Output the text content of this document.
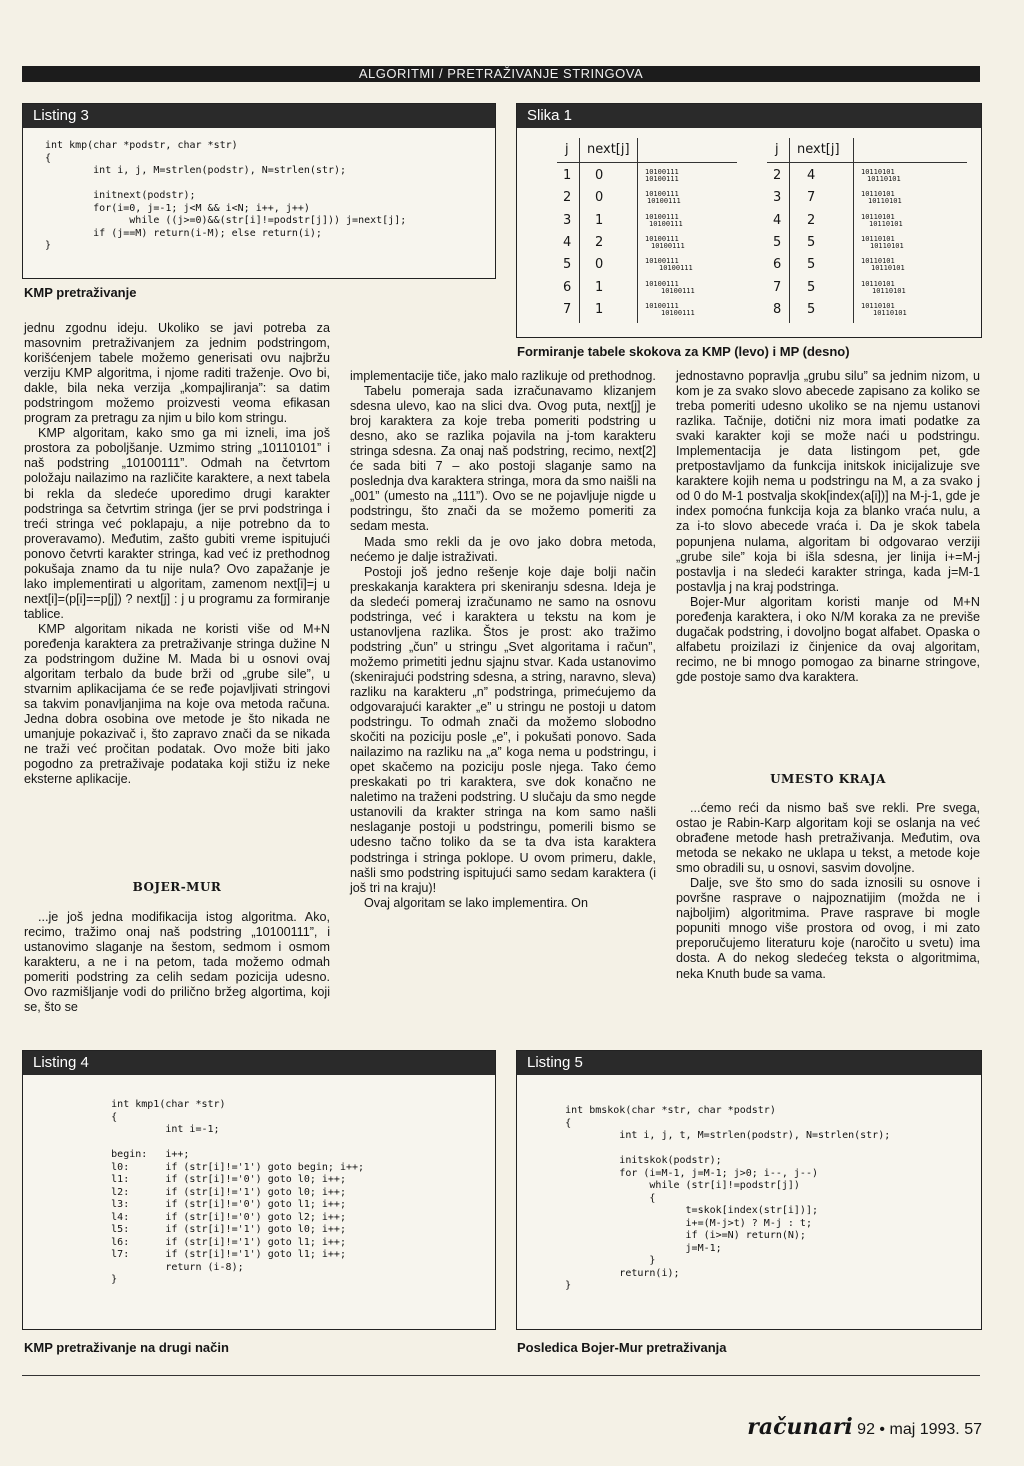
ALGORITMI / PRETRAŽIVANJE STRINGOVA
Listing 3
int kmp(char *podstr, char *str)
{
int i, j, M=strlen(podstr), N=strlen(str);

initnext(podstr);
for(i=0, j=-1; j<M && i<N; i++, j++)
while ((j>=0)&&(str[i]!=podstr[j])) j=next[j];
if (j==M) return(i-M); else return(i);
}
KMP pretraživanje
Slika 1
j next[j]
1 0	10100111
10100111
2 0	10100111
10100111
3 1	10100111
10100111
4 2	10100111
10100111
5 0	10100111
10100111
6 1	10100111
10100111
7 1	10100111
10100111
j next[j]
2 4	10110101
10110101
3 7	10110101
10110101
4 2	10110101
10110101
5 5	10110101
10110101
6 5	10110101
10110101
7 5	10110101
10110101
8 5	10110101
10110101
Formiranje tabele skokova za KMP (levo) i MP (desno)

jednu zgodnu ideju. Ukoliko se javi potreba za masovnim pretraživanjem za jednim podstringom, korišćenjem tabele možemo generisati ovu najbržu verziju KMP algoritma, i njome raditi traženje. Ovo bi, dakle, bila neka verzija „kompajliranja”: sa datim podstringom možemo proizvesti veoma efikasan program za pretragu za njim u bilo kom stringu.

KMP algoritam, kako smo ga mi izneli, ima još prostora za poboljšanje. Uzmimo string „10110101” i naš podstring „10100111”. Odmah na četvrtom položaju nailazimo na različite karaktere, a next tabela bi rekla da sledeće uporedimo drugi karakter podstringa sa četvrtim stringa (jer se prvi podstringa i treći stringa već poklapaju, a nije potrebno da to proveravamo). Međutim, zašto gubiti vreme ispitujući ponovo četvrti karakter stringa, kad već iz prethodnog pokušaja znamo da tu nije nula? Ovo zapažanje je lako implementirati u algoritam, zamenom next[i]=j u next[i]=(p[i]==p[j]) ? next[j] : j u programu za formiranje tablice.

KMP algoritam nikada ne koristi više od M+N poređenja karaktera za pretraživanje stringa dužine N za podstringom dužine M. Mada bi u osnovi ovaj algoritam terbalo da bude brži od „grube sile”, u stvarnim aplikacijama će se ređe pojavljivati stringovi sa takvim ponavljanjima na koje ova metoda računa. Jedna dobra osobina ove metode je što nikada ne umanjuje pokazivač i, što zapravo znači da se nikada ne traži već pročitan podatak. Ovo može biti jako pogodno za pretraživaje podataka koji stižu iz neke eksterne aplikacije.

BOJER-MUR

...je još jedna modifikacija istog algoritma. Ako, recimo, tražimo onaj naš podstring „10100111”, i ustanovimo slaganje na šestom, sedmom i osmom karakteru, a ne i na petom, tada možemo odmah pomeriti podstring za celih sedam pozicija udesno. Ovo razmišljanje vodi do prilično bržeg algortima, koji se, što se

implementacije tiče, jako malo razlikuje od prethodnog.

Tabelu pomeraja sada izračunavamo klizanjem sdesna ulevo, kao na slici dva. Ovog puta, next[j] je broj karaktera za koje treba pomeriti podstring u desno, ako se razlika pojavila na j-tom karakteru stringa sdesna. Za onaj naš podstring, recimo, next[2] će sada biti 7 – ako postoji slaganje samo na poslednja dva karaktera stringa, mora da smo naišli na „001” (umesto na „111”). Ovo se ne pojavljuje nigde u podstringu, što znači da se možemo pomeriti za sedam mesta.

Mada smo rekli da je ovo jako dobra metoda, nećemo je dalje istraživati.

Postoji još jedno rešenje koje daje bolji način preskakanja karaktera pri skeniranju sdesna. Ideja je da sledeći pomeraj izračunamo ne samo na osnovu podstringa, već i karaktera u tekstu na kom je ustanovljena razlika. Štos je prost: ako tražimo podstring „čun” u stringu „Svet algoritama i račun”, možemo primetiti jednu sjajnu stvar. Kada ustanovimo (skenirajući podstring sdesna, a string, naravno, sleva) razliku na karakteru „n” podstringa, primećujemo da odgovarajući karakter „e” u stringu ne postoji u datom podstringu. To odmah znači da možemo slobodno skočiti na poziciju posle „e”, i pokušati ponovo. Sada nailazimo na razliku na „a” koga nema u podstringu, i opet skačemo na poziciju posle njega. Tako ćemo preskakati po tri karaktera, sve dok konačno ne naletimo na traženi podstring. U slučaju da smo negde ustanovili da krakter stringa na kom samo našli neslaganje postoji u podstringu, pomerili bismo se udesno tačno toliko da se ta dva ista karaktera podstringa i stringa poklope. U ovom primeru, dakle, našli smo podstring ispitujući samo sedam karaktera (i još tri na kraju)!

Ovaj algoritam se lako implementira. On

jednostavno popravlja „grubu silu” sa jednim nizom, u kom je za svako slovo abecede zapisano za koliko se treba pomeriti udesno ukoliko se na njemu ustanovi razlika. Tačnije, dotični niz mora imati podatke za svaki karakter koji se može naći u podstringu. Implementacija je data listingom pet, gde pretpostavljamo da funkcija initskok inicijalizuje sve karaktere kojih nema u podstringu na M, a za svako j od 0 do M-1 postvalja skok[index(a[i])] na M-j-1, gde je index pomoćna funkcija koja za blanko vraća nulu, a za i-to slovo abecede vraća i. Da je skok tabela popunjena nulama, algoritam bi odgovarao verziji „grube sile” koja bi išla sdesna, jer linija i+=M-j postavlja i na sledeći karakter stringa, kada j=M-1 postavlja j na kraj podstringa.

Bojer-Mur algoritam koristi manje od M+N poređenja karaktera, i oko N/M koraka za ne previše dugačak podstring, i dovoljno bogat alfabet. Opaska o alfabetu proizilazi iz činjenice da ovaj algoritam, recimo, ne bi mnogo pomogao za binarne stringove, gde postoje samo dva karaktera.

UMESTO KRAJA

...ćemo reći da nismo baš sve rekli. Pre svega, ostao je Rabin-Karp algoritam koji se oslanja na već obrađene metode hash pretraživanja. Međutim, ova metoda se nekako ne uklapa u tekst, a metode koje smo obradili su, u osnovi, sasvim dovoljne.

Dalje, sve što smo do sada iznosili su osnove i površne rasprave o najpoznatijim (možda ne i najboljim) algoritmima. Prave rasprave bi mogle popuniti mnogo više prostora od ovog, i mi zato preporučujemo literaturu koje (naročito u svetu) ima dosta. A do nekog sledećeg teksta o algoritmima, neka Knuth bude sa vama.

Listing 4
int kmp1(char *str)
{
int i=-1;

begin:   i++;
l0:      if (str[i]!='1') goto begin; i++;
l1:      if (str[i]!='0') goto l0; i++;
l2:      if (str[i]!='1') goto l0; i++;
l3:      if (str[i]!='0') goto l1; i++;
l4:      if (str[i]!='0') goto l2; i++;
l5:      if (str[i]!='1') goto l0; i++;
l6:      if (str[i]!='1') goto l1; i++;
l7:      if (str[i]!='1') goto l1; i++;
return (i-8);
}
KMP pretraživanje na drugi način
Listing 5
int bmskok(char *str, char *podstr)
{
int i, j, t, M=strlen(podstr), N=strlen(str);

initskok(podstr);
for (i=M-1, j=M-1; j>0; i--, j--)
while (str[i]!=podstr[j])
{
t=skok[index(str[i])];
i+=(M-j>t) ? M-j : t;
if (i>=N) return(N);
j=M-1;
}
return(i);
}
Posledica Bojer-Mur pretraživanja
računari 92 • maj 1993. 57
